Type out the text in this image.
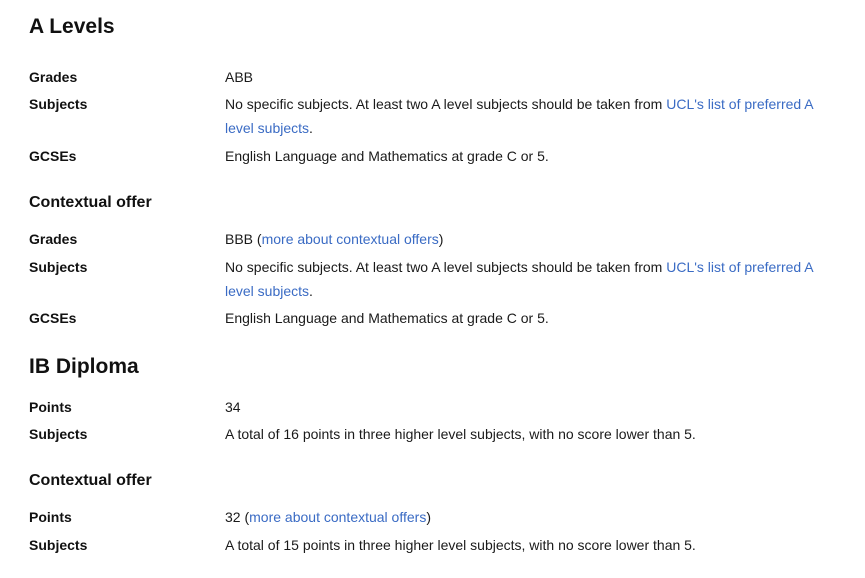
A Levels
Grades	ABB
Subjects	No specific subjects. At least two A level subjects should be taken from UCL's list of preferred A level subjects.
GCSEs	English Language and Mathematics at grade C or 5.
Contextual offer
Grades	BBB (more about contextual offers)
Subjects	No specific subjects. At least two A level subjects should be taken from UCL's list of preferred A level subjects.
GCSEs	English Language and Mathematics at grade C or 5.
IB Diploma
Points	34
Subjects	A total of 16 points in three higher level subjects, with no score lower than 5.
Contextual offer
Points	32 (more about contextual offers)
Subjects	A total of 15 points in three higher level subjects, with no score lower than 5.
